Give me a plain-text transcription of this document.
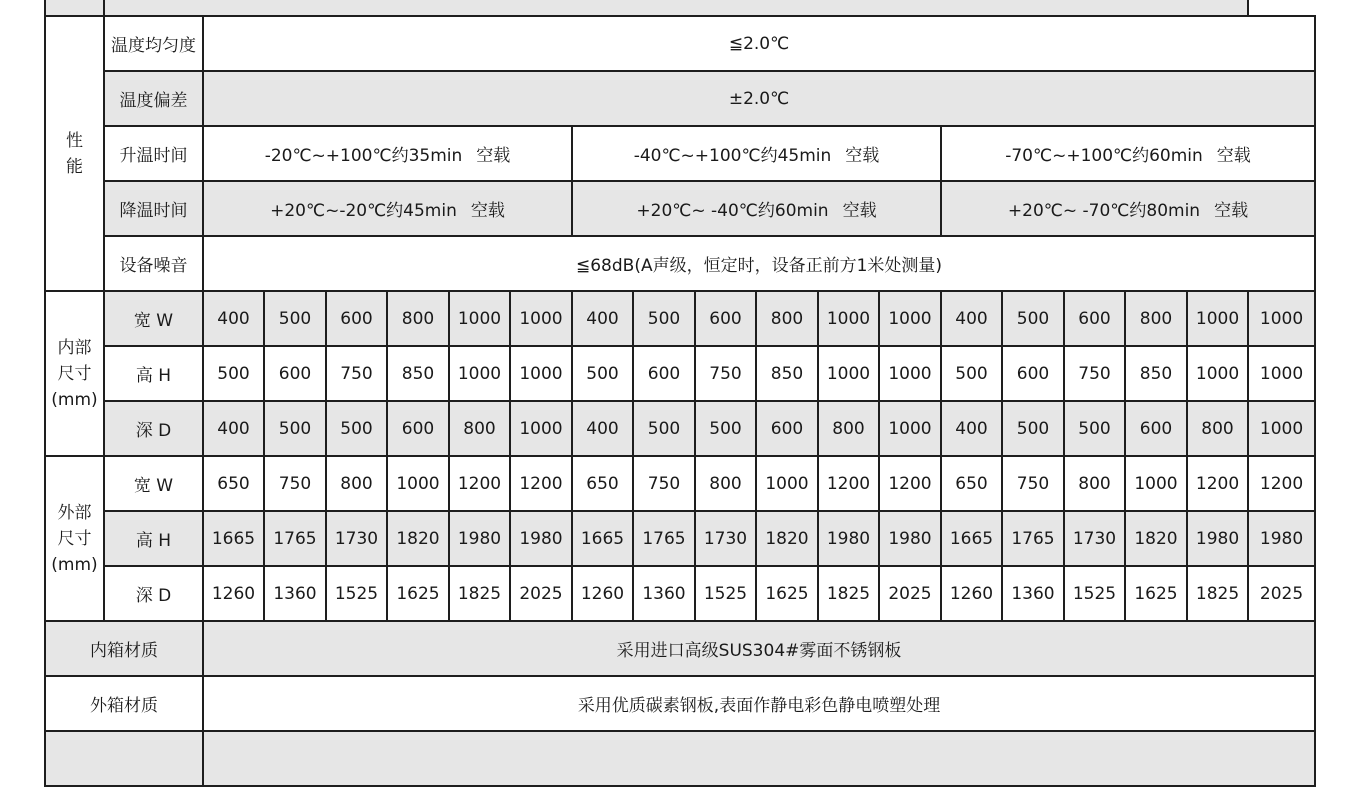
性
能	温度均匀度	≦2.0℃																	
	温度偏差	±2.0℃																	
	升温时间	-20℃~+100℃约35min 空载						-40℃~+100℃约45min 空载						-70℃~+100℃约60min 空载					
	降温时间	+20℃~-20℃约45min 空载						+20℃~ -40℃约60min 空载						+20℃~ -70℃约80min 空载					
	设备噪音	≦68dB(A声级，恒定时，设备正前方1米处测量)																	
内部
尺寸
(mm)	宽 W	400	500	600	800	1000	1000	400	500	600	800	1000	1000	400	500	600	800	1000	1000
	高 H	500	600	750	850	1000	1000	500	600	750	850	1000	1000	500	600	750	850	1000	1000
	深 D	400	500	500	600	800	1000	400	500	500	600	800	1000	400	500	500	600	800	1000
外部
尺寸
(mm)	宽 W	650	750	800	1000	1200	1200	650	750	800	1000	1200	1200	650	750	800	1000	1200	1200
	高 H	1665	1765	1730	1820	1980	1980	1665	1765	1730	1820	1980	1980	1665	1765	1730	1820	1980	1980
	深 D	1260	1360	1525	1625	1825	2025	1260	1360	1525	1625	1825	2025	1260	1360	1525	1625	1825	2025
内箱材质		采用进口高级SUS304#雾面不锈钢板																	
外箱材质		采用优质碳素钢板,表面作静电彩色静电喷塑处理																	
